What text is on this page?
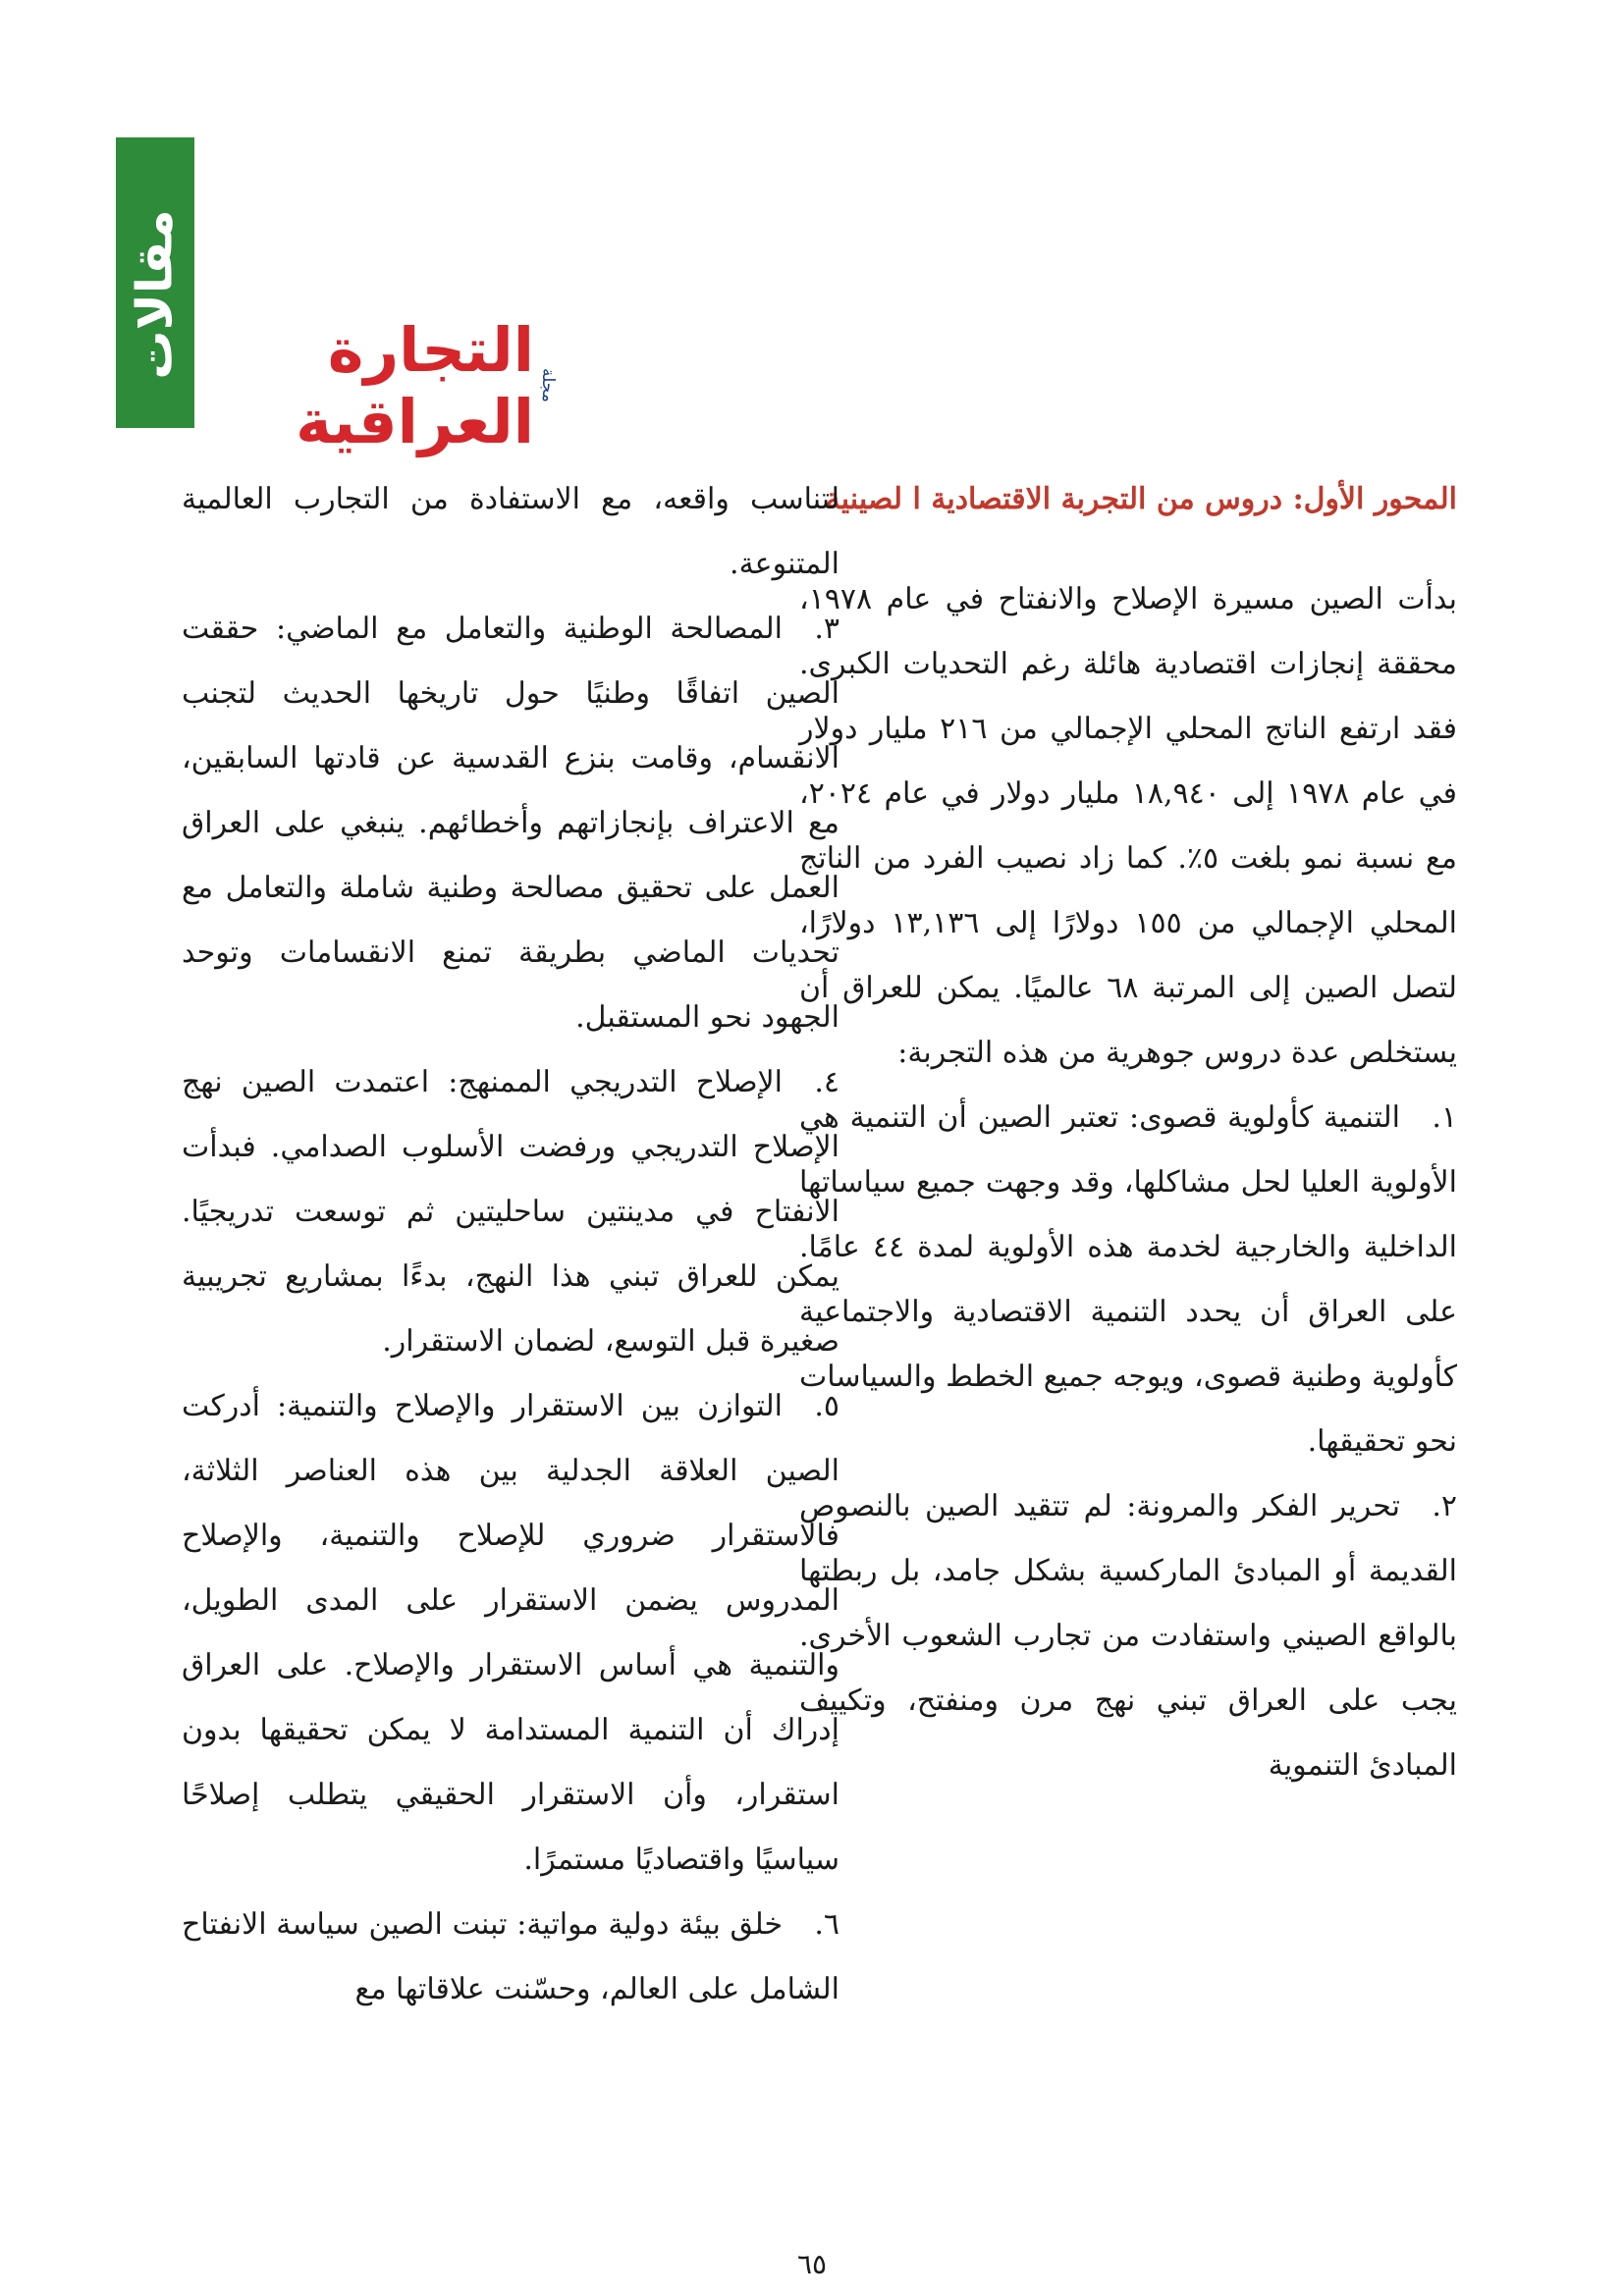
مقالات
مجلة
التجارة العراقية

المحور الأول: دروس من التجربة الاقتصادية ا لصينية

بدأت الصين مسيرة الإصلاح والانفتاح في عام ١٩٧٨، محققة إنجازات اقتصادية هائلة رغم التحديات الكبرى. فقد ارتفع الناتج المحلي الإجمالي من ٢١٦ مليار دولار في عام ١٩٧٨ إلى ١٨,٩٤٠ مليار دولار في عام ٢٠٢٤، مع نسبة نمو بلغت ٥٪. كما زاد نصيب الفرد من الناتج المحلي الإجمالي من ١٥٥ دولارًا إلى ١٣,١٣٦ دولارًا، لتصل الصين إلى المرتبة ٦٨ عالميًا. يمكن للعراق أن يستخلص عدة دروس جوهرية من هذه التجربة:

١.التنمية كأولوية قصوى: تعتبر الصين أن التنمية هي الأولوية العليا لحل مشاكلها، وقد وجهت جميع سياساتها الداخلية والخارجية لخدمة هذه الأولوية لمدة ٤٤ عامًا. على العراق أن يحدد التنمية الاقتصادية والاجتماعية كأولوية وطنية قصوى، ويوجه جميع الخطط والسياسات نحو تحقيقها.

٢.تحرير الفكر والمرونة: لم تتقيد الصين بالنصوص القديمة أو المبادئ الماركسية بشكل جامد، بل ربطتها بالواقع الصيني واستفادت من تجارب الشعوب الأخرى. يجب على العراق تبني نهج مرن ومنفتح، وتكييف المبادئ التنموية

لتناسب واقعه، مع الاستفادة من التجارب العالمية المتنوعة.

٣.المصالحة الوطنية والتعامل مع الماضي: حققت الصين اتفاقًا وطنيًا حول تاريخها الحديث لتجنب الانقسام، وقامت بنزع القدسية عن قادتها السابقين، مع الاعتراف بإنجازاتهم وأخطائهم. ينبغي على العراق العمل على تحقيق مصالحة وطنية شاملة والتعامل مع تحديات الماضي بطريقة تمنع الانقسامات وتوحد الجهود نحو المستقبل.

٤.الإصلاح التدريجي الممنهج: اعتمدت الصين نهج الإصلاح التدريجي ورفضت الأسلوب الصدامي. فبدأت الانفتاح في مدينتين ساحليتين ثم توسعت تدريجيًا. يمكن للعراق تبني هذا النهج، بدءًا بمشاريع تجريبية صغيرة قبل التوسع، لضمان الاستقرار.

٥.التوازن بين الاستقرار والإصلاح والتنمية: أدركت الصين العلاقة الجدلية بين هذه العناصر الثلاثة، فالاستقرار ضروري للإصلاح والتنمية، والإصلاح المدروس يضمن الاستقرار على المدى الطويل، والتنمية هي أساس الاستقرار والإصلاح. على العراق إدراك أن التنمية المستدامة لا يمكن تحقيقها بدون استقرار، وأن الاستقرار الحقيقي يتطلب إصلاحًا سياسيًا واقتصاديًا مستمرًا.

٦.خلق بيئة دولية مواتية: تبنت الصين سياسة الانفتاح الشامل على العالم، وحسّنت علاقاتها مع

٦٥
